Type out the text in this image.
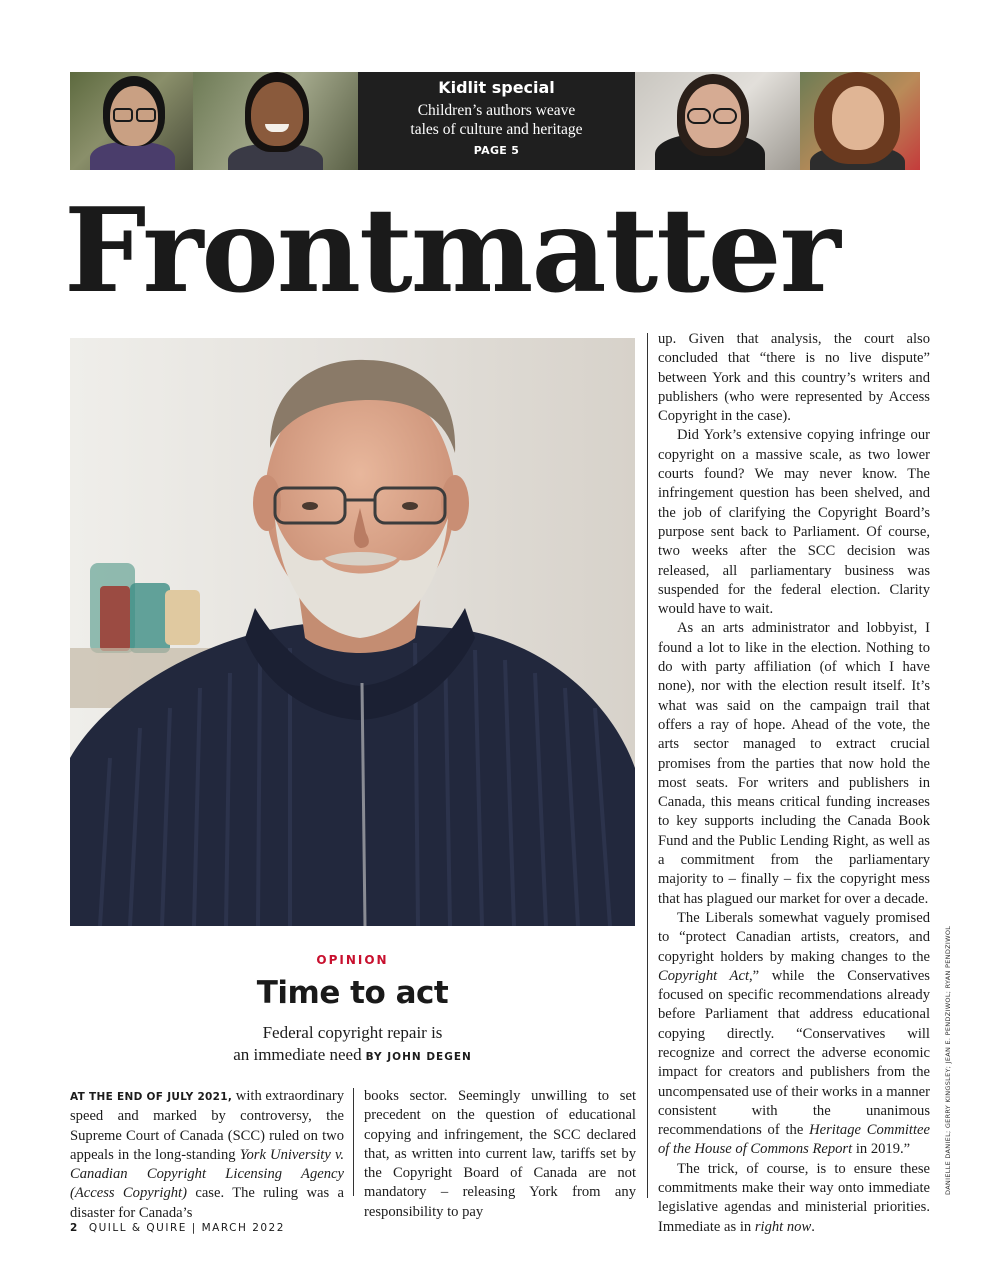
Kidlit special
Children’s authors weave
tales of culture and heritage
PAGE 5
Frontmatter

up. Given that analysis, the court also concluded that “there is no live dispute” between York and this country’s writers and publishers (who were represented by Access Copyright in the case).

Did York’s extensive copying infringe our copyright on a massive scale, as two lower courts found? We may never know. The infringement question has been shelved, and the job of clarifying the Copyright Board’s purpose sent back to Parliament. Of course, two weeks after the SCC decision was released, all parliamentary business was suspended for the federal election. Clarity would have to wait.

As an arts administrator and lobbyist, I found a lot to like in the election. Nothing to do with party affiliation (of which I have none), nor with the election result itself. It’s what was said on the campaign trail that offers a ray of hope. Ahead of the vote, the arts sector managed to extract crucial promises from the parties that now hold the most seats. For writers and publishers in Canada, this means critical funding increases to key supports including the Canada Book Fund and the Public Lending Right, as well as a commitment from the parliamentary majority to – finally – fix the copyright mess that has plagued our market for over a decade.

The Liberals somewhat vaguely promised to “protect Canadian artists, creators, and copyright holders by making changes to the Copyright Act,” while the Conservatives focused on specific recommendations already before Parliament that address educational copying directly. “Conservatives will recognize and correct the adverse economic impact for creators and publishers from the uncompensated use of their works in a manner consistent with the unanimous recommendations of the Heritage Committee of the House of Commons Report in 2019.”

The trick, of course, is to ensure these commitments make their way onto immediate legislative agendas and ministerial priorities. Immediate as in right now.

DANIELLE DANIEL; GERRY KINGSLEY; JEAN E. PENDZIWOL; RYAN PENDZIWOL
OPINION
Time to act
Federal copyright repair is
an immediate need BY JOHN DEGEN

AT THE END OF JULY 2021, with extraordinary speed and marked by controversy, the Supreme Court of Canada (SCC) ruled on two appeals in the long-standing York University v. Canadian Copyright Licensing Agency (Access Copyright) case. The ruling was a disaster for Canada’s

books sector. Seemingly unwilling to set precedent on the question of educational copying and infringement, the SCC declared that, as written into current law, tariffs set by the Copyright Board of Canada are not mandatory – releasing York from any responsibility to pay

2 QUILL & QUIRE | MARCH 2022
